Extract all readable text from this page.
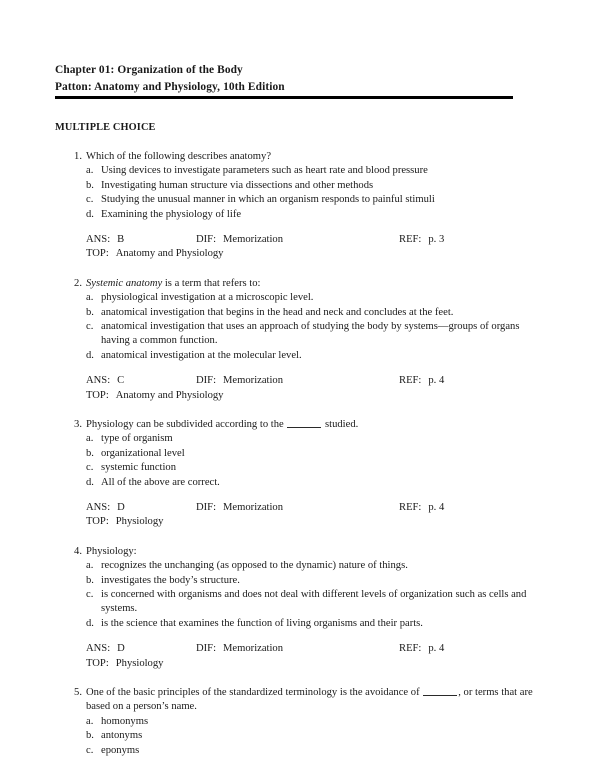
Chapter 01: Organization of the Body
Patton: Anatomy and Physiology, 10th Edition
MULTIPLE CHOICE
1. Which of the following describes anatomy?
a. Using devices to investigate parameters such as heart rate and blood pressure
b. Investigating human structure via dissections and other methods
c. Studying the unusual manner in which an organism responds to painful stimuli
d. Examining the physiology of life
ANS: B	DIF: Memorization	REF: p. 3
TOP: Anatomy and Physiology
2. Systemic anatomy is a term that refers to:
a. physiological investigation at a microscopic level.
b. anatomical investigation that begins in the head and neck and concludes at the feet.
c. anatomical investigation that uses an approach of studying the body by systems—groups of organs having a common function.
d. anatomical investigation at the molecular level.
ANS: C	DIF: Memorization	REF: p. 4
TOP: Anatomy and Physiology
3. Physiology can be subdivided according to the	studied.
a. type of organism
b. organizational level
c. systemic function
d. All of the above are correct.
ANS: D	DIF: Memorization	REF: p. 4
TOP: Physiology
4. Physiology:
a. recognizes the unchanging (as opposed to the dynamic) nature of things.
b. investigates the body’s structure.
c. is concerned with organisms and does not deal with different levels of organization such as cells and systems.
d. is the science that examines the function of living organisms and their parts.
ANS: D	DIF: Memorization	REF: p. 4
TOP: Physiology
5. One of the basic principles of the standardized terminology is the avoidance of	, or terms that are based on a person’s name.
a. homonyms
b. antonyms
c. eponyms
